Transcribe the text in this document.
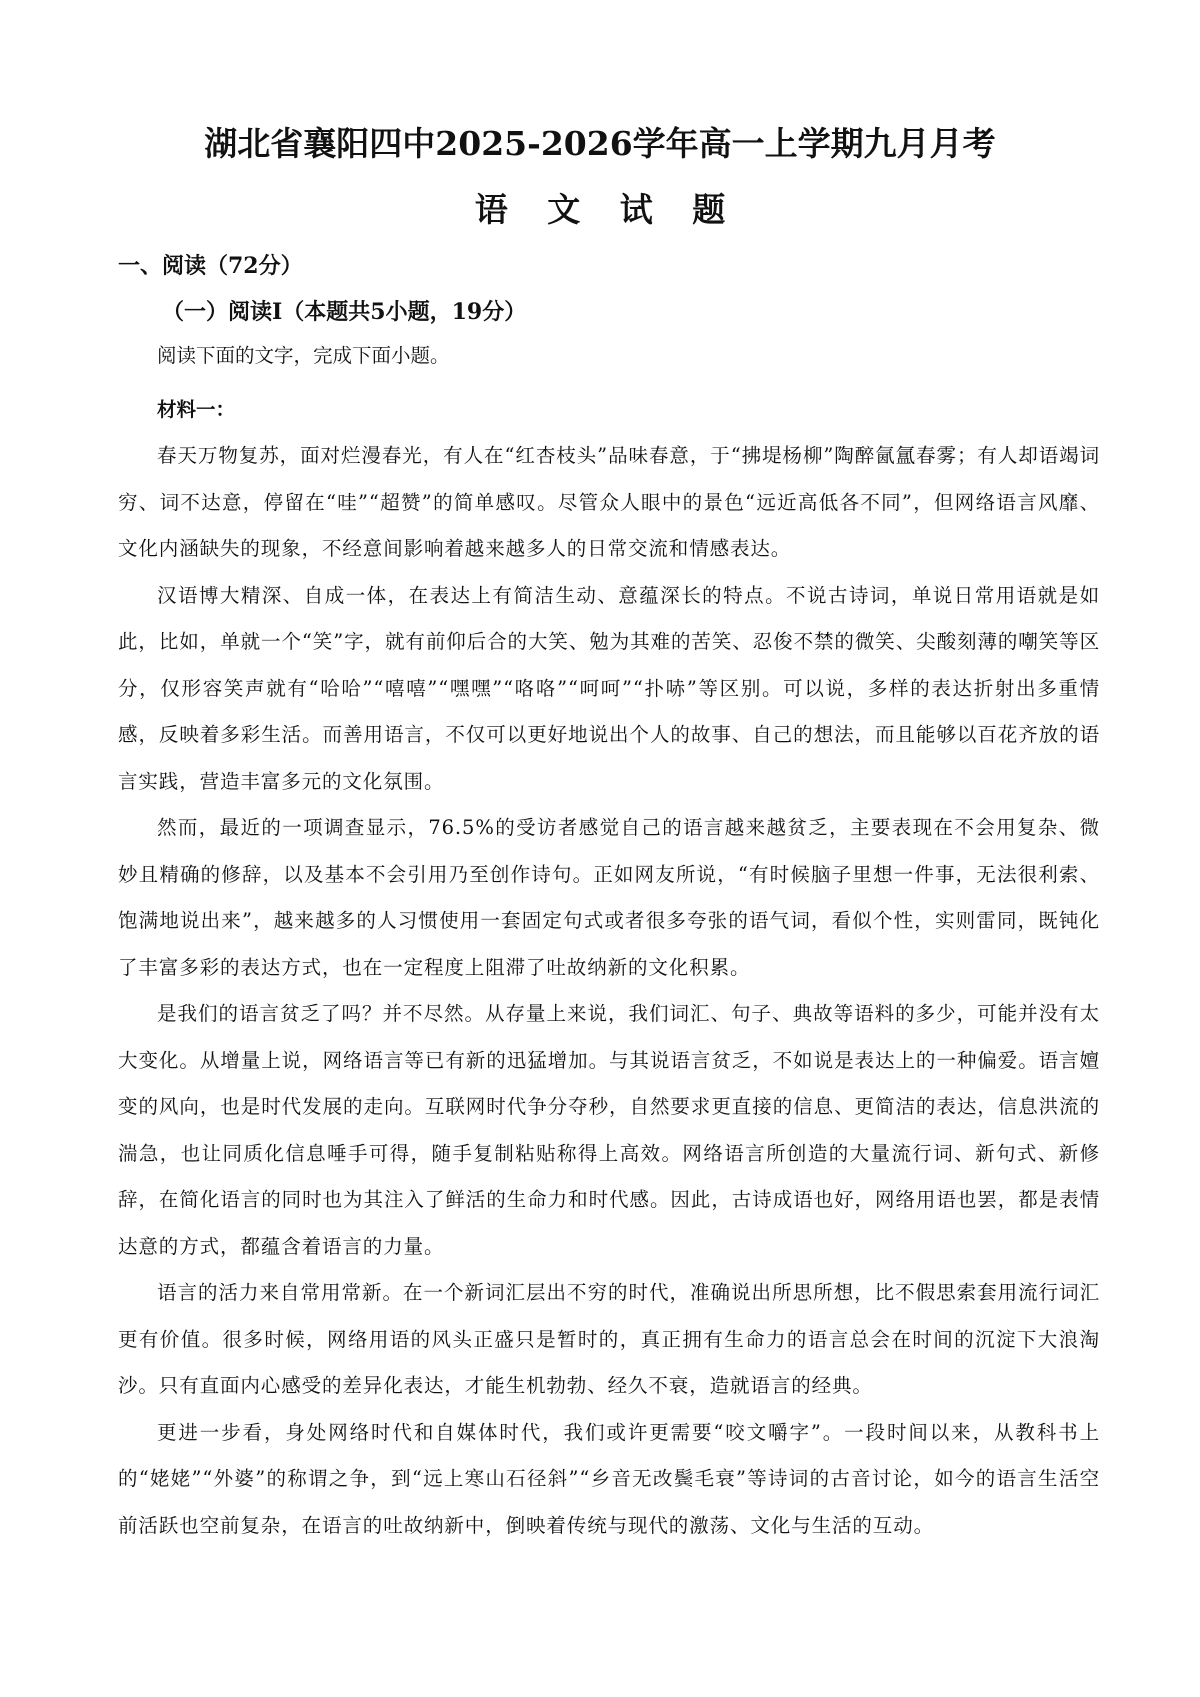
湖北省襄阳四中2025-2026学年高一上学期九月月考
语 文 试 题
一、阅读（72分）
（一）阅读Ⅰ（本题共5小题，19分）
阅读下面的文字，完成下面小题。
材料一：

春天万物复苏，面对烂漫春光，有人在“红杏枝头”品味春意，于“拂堤杨柳”陶醉氤氲春雾；有人却语竭词穷、词不达意，停留在“哇”“超赞”的简单感叹。尽管众人眼中的景色“远近高低各不同”，但网络语言风靡、文化内涵缺失的现象，不经意间影响着越来越多人的日常交流和情感表达。

汉语博大精深、自成一体，在表达上有简洁生动、意蕴深长的特点。不说古诗词，单说日常用语就是如此，比如，单就一个“笑”字，就有前仰后合的大笑、勉为其难的苦笑、忍俊不禁的微笑、尖酸刻薄的嘲笑等区分，仅形容笑声就有“哈哈”“嘻嘻”“嘿嘿”“咯咯”“呵呵”“扑哧”等区别。可以说，多样的表达折射出多重情感，反映着多彩生活。而善用语言，不仅可以更好地说出个人的故事、自己的想法，而且能够以百花齐放的语言实践，营造丰富多元的文化氛围。

然而，最近的一项调查显示，76.5%的受访者感觉自己的语言越来越贫乏，主要表现在不会用复杂、微妙且精确的修辞，以及基本不会引用乃至创作诗句。正如网友所说，“有时候脑子里想一件事，无法很利索、饱满地说出来”，越来越多的人习惯使用一套固定句式或者很多夸张的语气词，看似个性，实则雷同，既钝化了丰富多彩的表达方式，也在一定程度上阻滞了吐故纳新的文化积累。

是我们的语言贫乏了吗？并不尽然。从存量上来说，我们词汇、句子、典故等语料的多少，可能并没有太大变化。从增量上说，网络语言等已有新的迅猛增加。与其说语言贫乏，不如说是表达上的一种偏爱。语言嬗变的风向，也是时代发展的走向。互联网时代争分夺秒，自然要求更直接的信息、更简洁的表达，信息洪流的湍急，也让同质化信息唾手可得，随手复制粘贴称得上高效。网络语言所创造的大量流行词、新句式、新修辞，在简化语言的同时也为其注入了鲜活的生命力和时代感。因此，古诗成语也好，网络用语也罢，都是表情达意的方式，都蕴含着语言的力量。

语言的活力来自常用常新。在一个新词汇层出不穷的时代，准确说出所思所想，比不假思索套用流行词汇更有价值。很多时候，网络用语的风头正盛只是暂时的，真正拥有生命力的语言总会在时间的沉淀下大浪淘沙。只有直面内心感受的差异化表达，才能生机勃勃、经久不衰，造就语言的经典。

更进一步看，身处网络时代和自媒体时代，我们或许更需要“咬文嚼字”。一段时间以来，从教科书上的“姥姥”“外婆”的称谓之争，到“远上寒山石径斜”“乡音无改鬓毛衰”等诗词的古音讨论，如今的语言生活空前活跃也空前复杂，在语言的吐故纳新中，倒映着传统与现代的激荡、文化与生活的互动。
